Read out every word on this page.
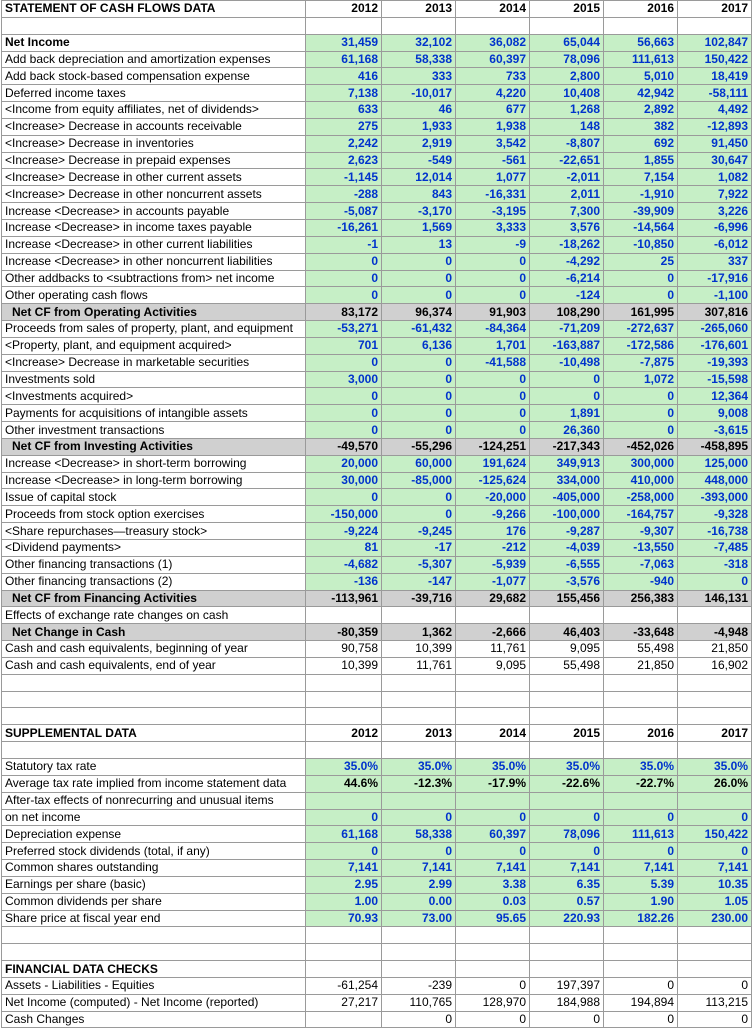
STATEMENT OF CASH FLOWS DATA	2012	2013	2014	2015	2016	2017

Net Income	31,459	32,102	36,082	65,044	56,663	102,847
Add back depreciation and amortization expenses	61,168	58,338	60,397	78,096	111,613	150,422
Add back stock-based compensation expense	416	333	733	2,800	5,010	18,419
Deferred income taxes	7,138	-10,017	4,220	10,408	42,942	-58,111
<Income from equity affiliates, net of dividends>	633	46	677	1,268	2,892	4,492
<Increase> Decrease in accounts receivable	275	1,933	1,938	148	382	-12,893
<Increase> Decrease in inventories	2,242	2,919	3,542	-8,807	692	91,450
<Increase> Decrease in prepaid expenses	2,623	-549	-561	-22,651	1,855	30,647
<Increase> Decrease in other current assets	-1,145	12,014	1,077	-2,011	7,154	1,082
<Increase> Decrease in other noncurrent assets	-288	843	-16,331	2,011	-1,910	7,922
Increase <Decrease> in accounts payable	-5,087	-3,170	-3,195	7,300	-39,909	3,226
Increase <Decrease> in income taxes payable	-16,261	1,569	3,333	3,576	-14,564	-6,996
Increase <Decrease> in other current liabilities	-1	13	-9	-18,262	-10,850	-6,012
Increase <Decrease> in other noncurrent liabilities	0	0	0	-4,292	25	337
Other addbacks to <subtractions from> net income	0	0	0	-6,214	0	-17,916
Other operating cash flows	0	0	0	-124	0	-1,100
Net CF from Operating Activities	83,172	96,374	91,903	108,290	161,995	307,816
Proceeds from sales of property, plant, and equipment	-53,271	-61,432	-84,364	-71,209	-272,637	-265,060
<Property, plant, and equipment acquired>	701	6,136	1,701	-163,887	-172,586	-176,601
<Increase> Decrease in marketable securities	0	0	-41,588	-10,498	-7,875	-19,393
Investments sold	3,000	0	0	0	1,072	-15,598
<Investments acquired>	0	0	0	0	0	12,364
Payments for acquisitions of intangible assets	0	0	0	1,891	0	9,008
Other investment transactions	0	0	0	26,360	0	-3,615
Net CF from Investing Activities	-49,570	-55,296	-124,251	-217,343	-452,026	-458,895
Increase <Decrease> in short-term borrowing	20,000	60,000	191,624	349,913	300,000	125,000
Increase <Decrease> in long-term borrowing	30,000	-85,000	-125,624	334,000	410,000	448,000
Issue of capital stock	0	0	-20,000	-405,000	-258,000	-393,000
Proceeds from stock option exercises	-150,000	0	-9,266	-100,000	-164,757	-9,328
<Share repurchases—treasury stock>	-9,224	-9,245	176	-9,287	-9,307	-16,738
<Dividend payments>	81	-17	-212	-4,039	-13,550	-7,485
Other financing transactions (1)	-4,682	-5,307	-5,939	-6,555	-7,063	-318
Other financing transactions (2)	-136	-147	-1,077	-3,576	-940	0
Net CF from Financing Activities	-113,961	-39,716	29,682	155,456	256,383	146,131
Effects of exchange rate changes on cash						
Net Change in Cash	-80,359	1,362	-2,666	46,403	-33,648	-4,948
Cash and cash equivalents, beginning of year	90,758	10,399	11,761	9,095	55,498	21,850
Cash and cash equivalents, end of year	10,399	11,761	9,095	55,498	21,850	16,902

SUPPLEMENTAL DATA	2012	2013	2014	2015	2016	2017

Statutory tax rate	35.0%	35.0%	35.0%	35.0%	35.0%	35.0%
Average tax rate implied from income statement data	44.6%	-12.3%	-17.9%	-22.6%	-22.7%	26.0%
After-tax effects of nonrecurring and unusual items						
on net income	0	0	0	0	0	0
Depreciation expense	61,168	58,338	60,397	78,096	111,613	150,422
Preferred stock dividends (total, if any)	0	0	0	0	0	0
Common shares outstanding	7,141	7,141	7,141	7,141	7,141	7,141
Earnings per share (basic)	2.95	2.99	3.38	6.35	5.39	10.35
Common dividends per share	1.00	0.00	0.03	0.57	1.90	1.05
Share price at fiscal year end	70.93	73.00	95.65	220.93	182.26	230.00

FINANCIAL DATA CHECKS						
Assets - Liabilities - Equities	-61,254	-239	0	197,397	0	0
Net Income (computed) - Net Income (reported)	27,217	110,765	128,970	184,988	194,894	113,215
Cash Changes		0	0	0	0	0
